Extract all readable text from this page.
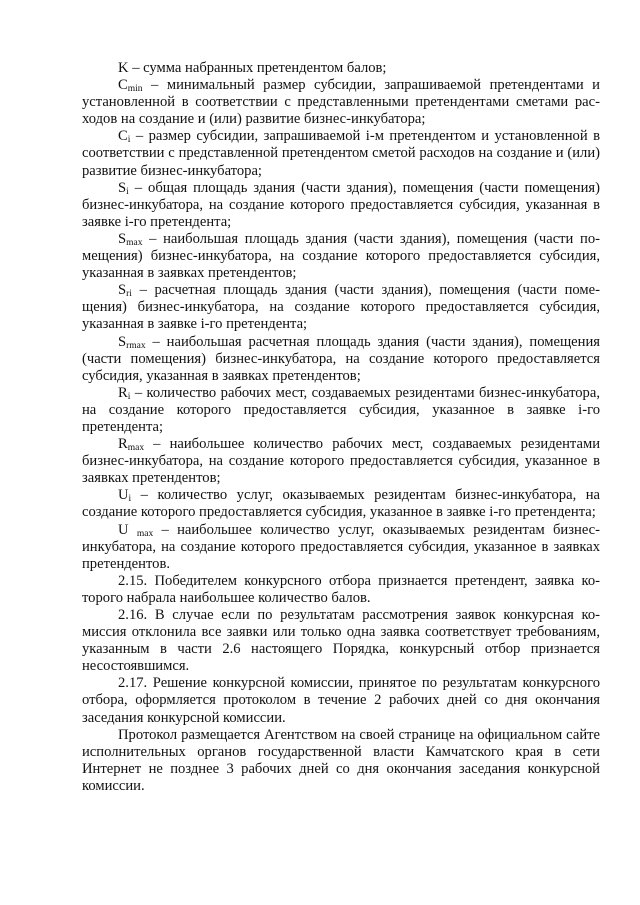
K – сумма набранных претендентом балов;

$C_{min}$ – минимальный размер субсидии, запрашиваемой претендентами и установленной в соответствии с представленными претендентами сметами расходов на создание и (или) развитие бизнес-инкубатора;

$C_i$ – размер субсидии, запрашиваемой i-м претендентом и установленной в соответствии с представленной претендентом сметой расходов на создание и (или) развитие бизнес-инкубатора;

$S_i$ – общая площадь здания (части здания), помещения (части помещения) бизнес-инкубатора, на создание которого предоставляется субсидия, указанная в заявке i-го претендента;

$S_{max}$ – наибольшая площадь здания (части здания), помещения (части помещения) бизнес-инкубатора, на создание которого предоставляется субсидия, указанная в заявках претендентов;

$S_{ri}$ – расчетная площадь здания (части здания), помещения (части помещения) бизнес-инкубатора, на создание которого предоставляется субсидия, указанная в заявке i-го претендента;

$S_{rmax}$ – наибольшая расчетная площадь здания (части здания), помещения (части помещения) бизнес-инкубатора, на создание которого предоставляется субсидия, указанная в заявках претендентов;

$R_i$ – количество рабочих мест, создаваемых резидентами бизнес-инкубатора, на создание которого предоставляется субсидия, указанное в заявке i-го претендента;

$R_{max}$ – наибольшее количество рабочих мест, создаваемых резидентами бизнес-инкубатора, на создание которого предоставляется субсидия, указанное в заявках претендентов;

$U_i$ – количество услуг, оказываемых резидентам бизнес-инкубатора, на создание которого предоставляется субсидия, указанное в заявке i-го претендента;

U $_{max}$ – наибольшее количество услуг, оказываемых резидентам бизнес-инкубатора, на создание которого предоставляется субсидия, указанное в заявках претендентов.

2.15. Победителем конкурсного отбора признается претендент, заявка которого набрала наибольшее количество балов.

2.16. В случае если по результатам рассмотрения заявок конкурсная комиссия отклонила все заявки или только одна заявка соответствует требованиям, указанным в части 2.6 настоящего Порядка, конкурсный отбор признается несостоявшимся.

2.17. Решение конкурсной комиссии, принятое по результатам конкурсного отбора, оформляется протоколом в течение 2 рабочих дней со дня окончания заседания конкурсной комиссии.

Протокол размещается Агентством на своей странице на официальном сайте исполнительных органов государственной власти Камчатского края в сети Интернет не позднее 3 рабочих дней со дня окончания заседания конкурсной комиссии.
